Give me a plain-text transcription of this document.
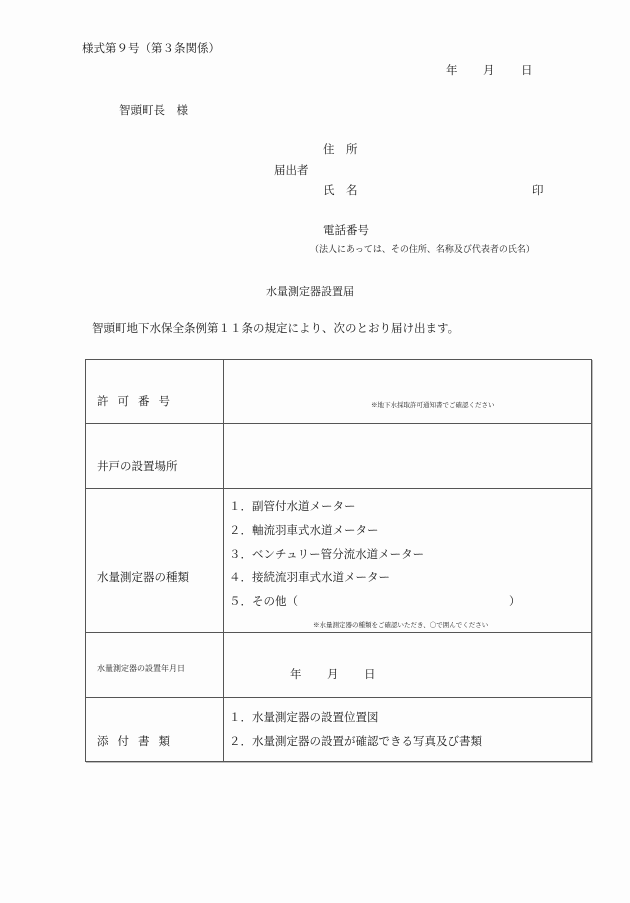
様式第９号（第３条関係）
年 月 日
智頭町長　様
住　所
届出者
氏　名	印
電話番号
（法人にあっては、その住所、名称及び代表者の氏名）
水量測定器設置届
智頭町地下水保全条例第１１条の規定により、次のとおり届け出ます。
許可番号	※地下水採取許可通知書でご確認ください
井戸の設置場所
水量測定器の種類
１．副管付水道メーター
２．軸流羽車式水道メーター
３．ベンチュリー管分流水道メーター
４．接続流羽車式水道メーター
５．その他（	）
※水量測定器の種類をご確認いただき、〇で囲んでください
水量測定器の設置年月日	年 月 日
添付書類
１．水量測定器の設置位置図
２．水量測定器の設置が確認できる写真及び書類
